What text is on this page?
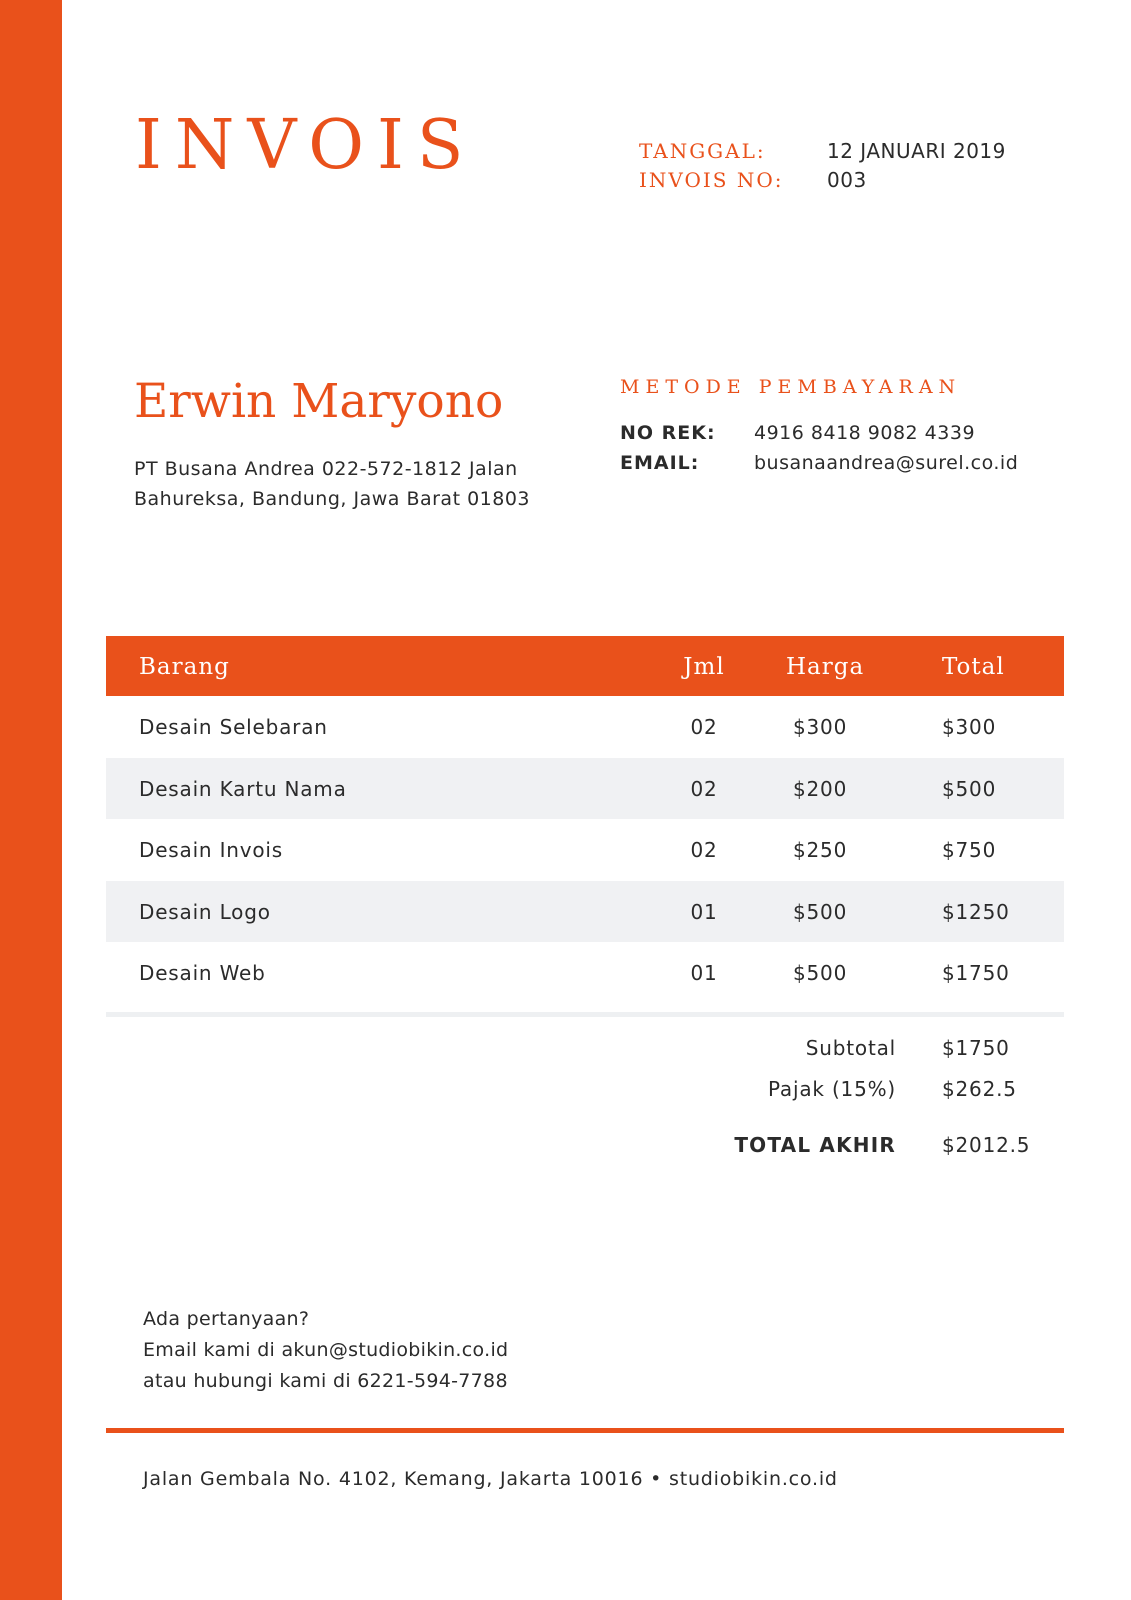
INVOIS	TANGGAL:	12 JANUARI 2019
INVOIS NO:	003
Erwin Maryono
PT Busana Andrea 022-572-1812 Jalan Bahureksa, Bandung, Jawa Barat 01803
METODE PEMBAYARAN
NO REK:	4916 8418 9082 4339
EMAIL:	busanaandrea@surel.co.id
Barang	Jml	Harga	Total
Desain Selebaran	02	$300	$300
Desain Kartu Nama	02	$200	$500
Desain Invois	02	$250	$750
Desain Logo	01	$500	$1250
Desain Web	01	$500	$1750
Subtotal $1750
Pajak (15%) $262.5
TOTAL AKHIR $2012.5
Ada pertanyaan?
Email kami di akun@studiobikin.co.id
atau hubungi kami di 6221-594-7788
Jalan Gembala No. 4102, Kemang, Jakarta 10016 • studiobikin.co.id
